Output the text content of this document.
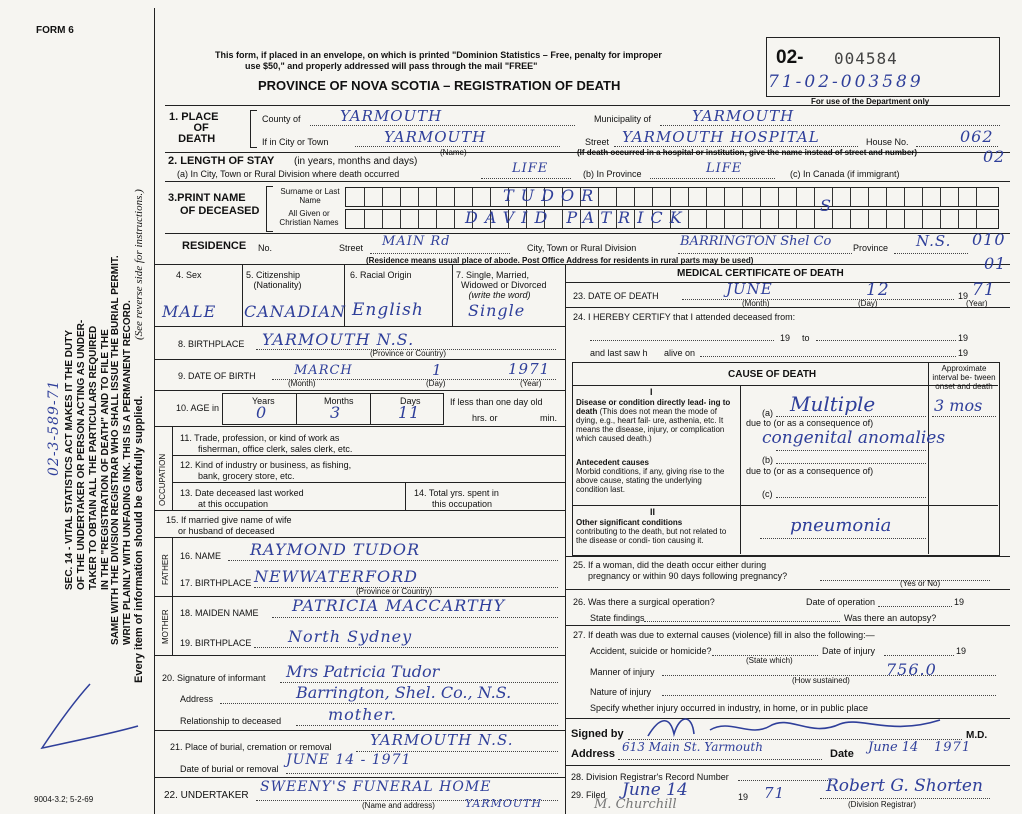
FORM 6
This form, if placed in an envelope, on which is printed "Dominion Statistics – Free, penalty for improper
use $50," and properly addressed will pass through the mail "FREE"
PROVINCE OF NOVA SCOTIA – REGISTRATION OF DEATH
02- 004584
71-02-003589
For use of the Department only
SEC. 14 - VITAL STATISTICS ACT MAKES IT THE DUTY OF THE UNDERTAKER OR PERSON ACTING AS UNDER- TAKER TO OBTAIN ALL THE PARTICULARS REQUIRED IN THE "REGISTRATION OF DEATH" AND TO FILE THE SAME WITH THE DIVISION REGISTRAR WHO SHALL ISSUE THE BURIAL PERMIT. WRITE PLAINLY WITH UNFADING INK. THIS IS A PERMANENT RECORD. Every item of information should be carefully supplied.
(See reverse side for instructions.)
02-3-589-71
9004-3.2; 5-2-69
1. PLACE
OF
DEATH
County of	YARMOUTH	Municipality of	YARMOUTH
If in City or Town	YARMOUTH
(Name)
Street YARMOUTH HOSPITAL	House No.	062
(If death occurred in a hospital or institution, give the name instead of street and number)	02
2. LENGTH OF STAY (in years, months and days)
(a) In City, Town or Rural Division where death occurred	LIFE	(b) In Province	LIFE	(c) In Canada (if immigrant)
3.PRINT NAME
OF DECEASED
Surname or Last Name
All Given or Christian Names
TUDOR
DAVID PATRICK
S
RESIDENCE No.	Street MAIN Rd	City, Town or Rural Division	BARRINGTON Shel Co Province N.S. 010
(Residence means usual place of abode. Post Office Address for residents in rural parts may be used)	01
4. Sex	5. Citizenship
(Nationality)
6. Racial Origin	7. Single, Married,
Widowed or Divorced
(write the word)
MALE CANADIAN English	Single
8. BIRTHPLACE YARMOUTH N.S.
(Province or Country)
9. DATE OF BIRTH	MARCH	1	1971
(Month)	(Day)	(Year)
10. AGE in
Years	Months	Days
0	3	11
If less than one day old
hrs. or	min.
OCCUPATION
11. Trade, profession, or kind of work as
fisherman, office clerk, sales clerk, etc.
12. Kind of industry or business, as fishing,
bank, grocery store, etc.
13. Date deceased last worked
at this occupation
14. Total yrs. spent in
this occupation
15. If married give name of wife
or husband of deceased
FATHER 16. NAME RAYMOND TUDOR
17. BIRTHPLACE NEWWATERFORD
(Province or Country)
MOTHER 18. MAIDEN NAME PATRICIA MACCARTHY
19. BIRTHPLACE North Sydney
20. Signature of informant Mrs Patricia Tudor
Address	Barrington, Shel. Co., N.S.
Relationship to deceased	mother.
21. Place of burial, cremation or removal	YARMOUTH N.S.
Date of burial or removal
JUNE 14 - 1971
22. UNDERTAKER
SWEENY'S FUNERAL HOME
(Name and address)	YARMOUTH
MEDICAL CERTIFICATE OF DEATH
23. DATE OF DEATH	JUNE	12	19 71
(Month)	(Day)	(Year)
24. I HEREBY CERTIFY that I attended deceased from:
19 to	19
and last saw h alive on	19
CAUSE OF DEATH
Approximate interval be- tween onset and death
I
Disease or condition directly lead- ing to death (This does not mean the mode of dying, e.g., heart fail- ure, asthenia, etc. It means the disease, injury, or complication which caused death.)
Antecedent causes
Morbid conditions, if any, giving rise to the above cause, stating the underlying condition last.
(a) Multiple	3 mos
due to (or as a consequence of)
congenital anomalies
(b)
due to (or as a consequence of)
(c)
II
Other significant conditions
contributing to the death, but not related to the disease or condi- tion causing it.
pneumonia
25. If a woman, did the death occur either during
pregnancy or within 90 days following pregnancy?
(Yes or No)
26. Was there a surgical operation?	Date of operation	19
State findings	Was there an autopsy?
27. If death was due to external causes (violence) fill in also the following:—
Accident, suicide or homicide?	Date of injury	19
(State which)
Manner of injury	756.0
(How sustained)
Nature of injury
Specify whether injury occurred in industry, in home, or in public place
Signed by	M.D.
Address 613 Main St. Yarmouth	Date June 14 1971
28. Division Registrar's Record Number
29. Filed June 14	19 71 Robert G. Shorten
(Division Registrar)
M. Churchill
